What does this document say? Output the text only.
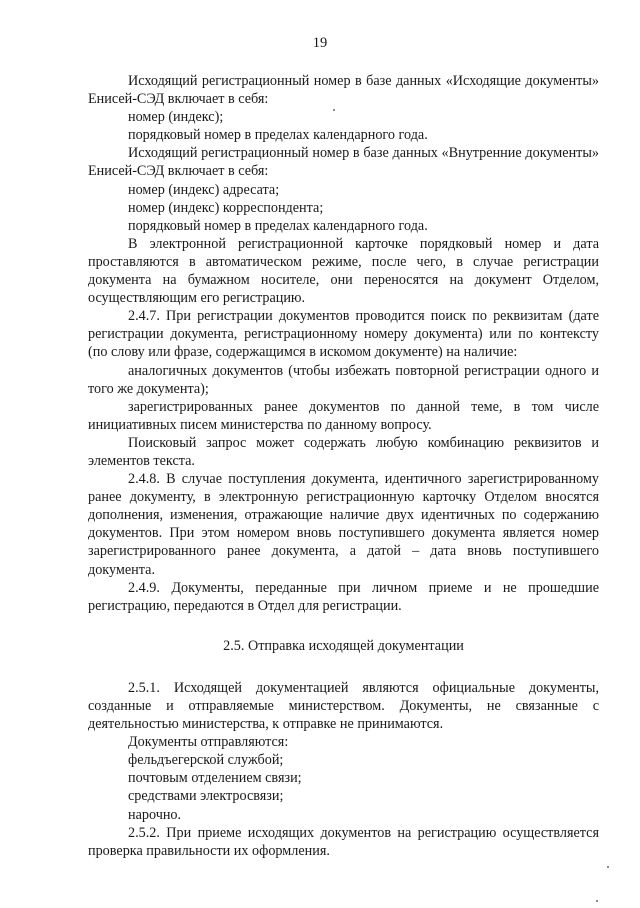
19

Исходящий регистрационный номер в базе данных «Исходящие документы» Енисей-СЭД включает в себя:

номер (индекс);

порядковый номер в пределах календарного года.

Исходящий регистрационный номер в базе данных «Внутренние документы» Енисей-СЭД включает в себя:

номер (индекс) адресата;

номер (индекс) корреспондента;

порядковый номер в пределах календарного года.

В электронной регистрационной карточке порядковый номер и дата проставляются в автоматическом режиме, после чего, в случае регистрации документа на бумажном носителе, они переносятся на документ Отделом, осуществляющим его регистрацию.

2.4.7. При регистрации документов проводится поиск по реквизитам (дате регистрации документа, регистрационному номеру документа) или по контексту (по слову или фразе, содержащимся в искомом документе) на наличие:

аналогичных документов (чтобы избежать повторной регистрации одного и того же документа);

зарегистрированных ранее документов по данной теме, в том числе инициативных писем министерства по данному вопросу.

Поисковый запрос может содержать любую комбинацию реквизитов и элементов текста.

2.4.8. В случае поступления документа, идентичного зарегистрированному ранее документу, в электронную регистрационную карточку Отделом вносятся дополнения, изменения, отражающие наличие двух идентичных по содержанию документов. При этом номером вновь поступившего документа является номер зарегистрированного ранее документа, а датой – дата вновь поступившего документа.

2.4.9. Документы, переданные при личном приеме и не прошедшие регистрацию, передаются в Отдел для регистрации.

2.5. Отправка исходящей документации

2.5.1. Исходящей документацией являются официальные документы, созданные и отправляемые министерством. Документы, не связанные с деятельностью министерства, к отправке не принимаются.

Документы отправляются:

фельдъегерской службой;

почтовым отделением связи;

средствами электросвязи;

нарочно.

2.5.2. При приеме исходящих документов на регистрацию осуществляется проверка правильности их оформления.
